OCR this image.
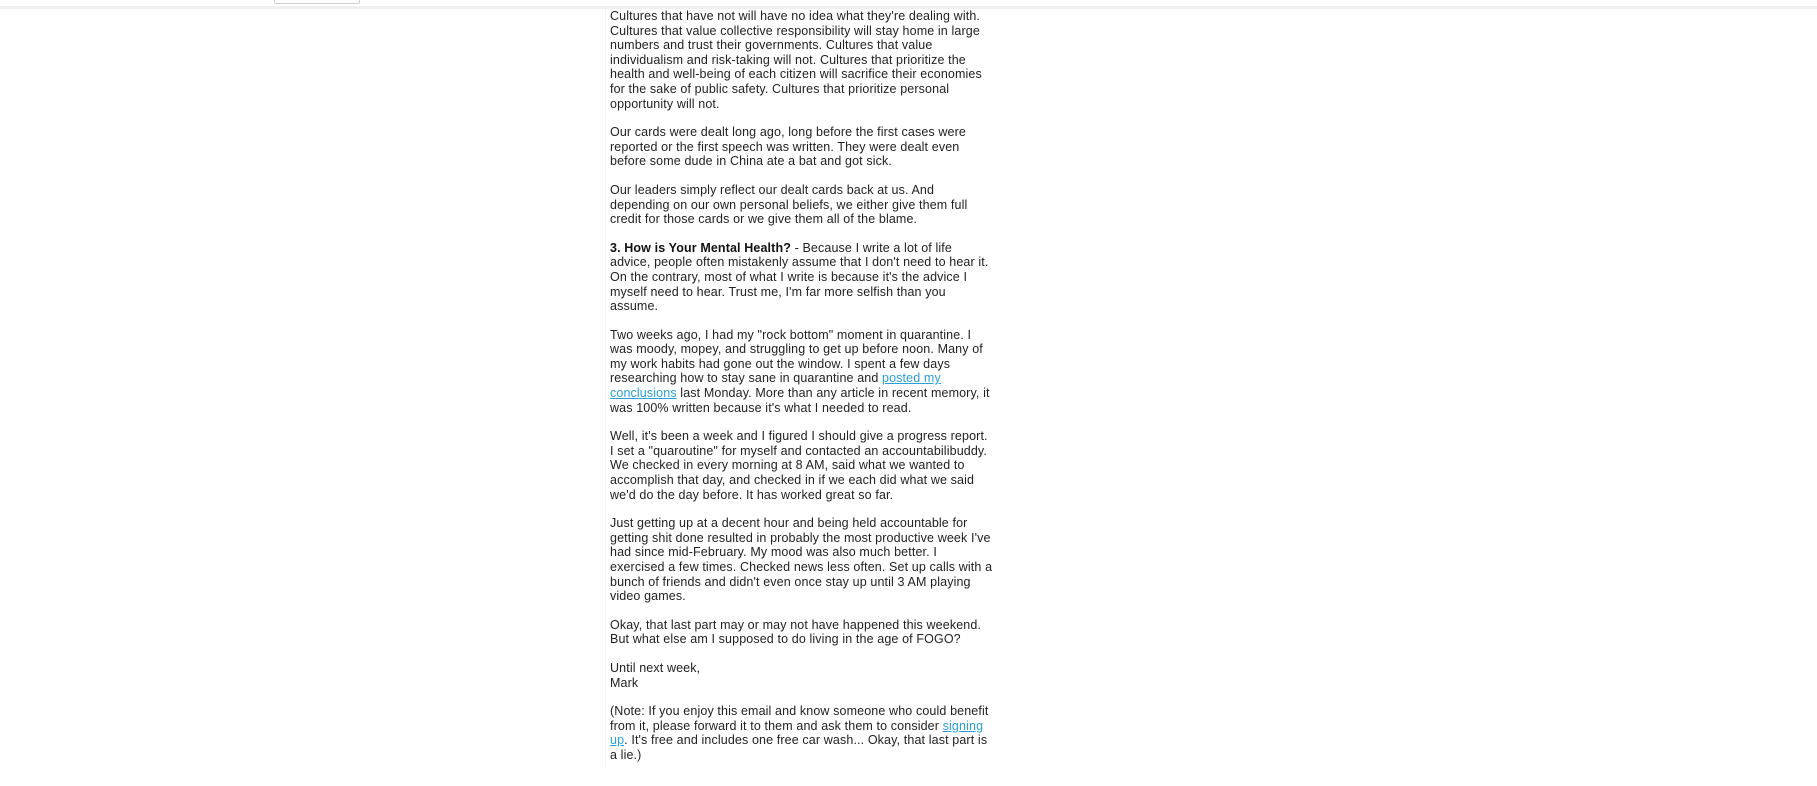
Cultures that have not will have no idea what they're dealing with. Cultures that value collective responsibility will stay home in large numbers and trust their governments. Cultures that value individualism and risk-taking will not. Cultures that prioritize the health and well-being of each citizen will sacrifice their economies for the sake of public safety. Cultures that prioritize personal opportunity will not.

Our cards were dealt long ago, long before the first cases were reported or the first speech was written. They were dealt even before some dude in China ate a bat and got sick.

Our leaders simply reflect our dealt cards back at us. And depending on our own personal beliefs, we either give them full credit for those cards or we give them all of the blame.

3. How is Your Mental Health? - Because I write a lot of life advice, people often mistakenly assume that I don't need to hear it. On the contrary, most of what I write is because it's the advice I myself need to hear. Trust me, I'm far more selfish than you assume.

Two weeks ago, I had my "rock bottom" moment in quarantine. I was moody, mopey, and struggling to get up before noon. Many of my work habits had gone out the window. I spent a few days researching how to stay sane in quarantine and posted my conclusions last Monday. More than any article in recent memory, it was 100% written because it's what I needed to read.

Well, it's been a week and I figured I should give a progress report. I set a "quaroutine" for myself and contacted an accountabilibuddy. We checked in every morning at 8 AM, said what we wanted to accomplish that day, and checked in if we each did what we said we'd do the day before. It has worked great so far.

Just getting up at a decent hour and being held accountable for getting shit done resulted in probably the most productive week I've had since mid-February. My mood was also much better. I exercised a few times. Checked news less often. Set up calls with a bunch of friends and didn't even once stay up until 3 AM playing video games.

Okay, that last part may or may not have happened this weekend. But what else am I supposed to do living in the age of FOGO?

Until next week,
Mark

(Note: If you enjoy this email and know someone who could benefit from it, please forward it to them and ask them to consider signing up. It's free and includes one free car wash... Okay, that last part is a lie.)
